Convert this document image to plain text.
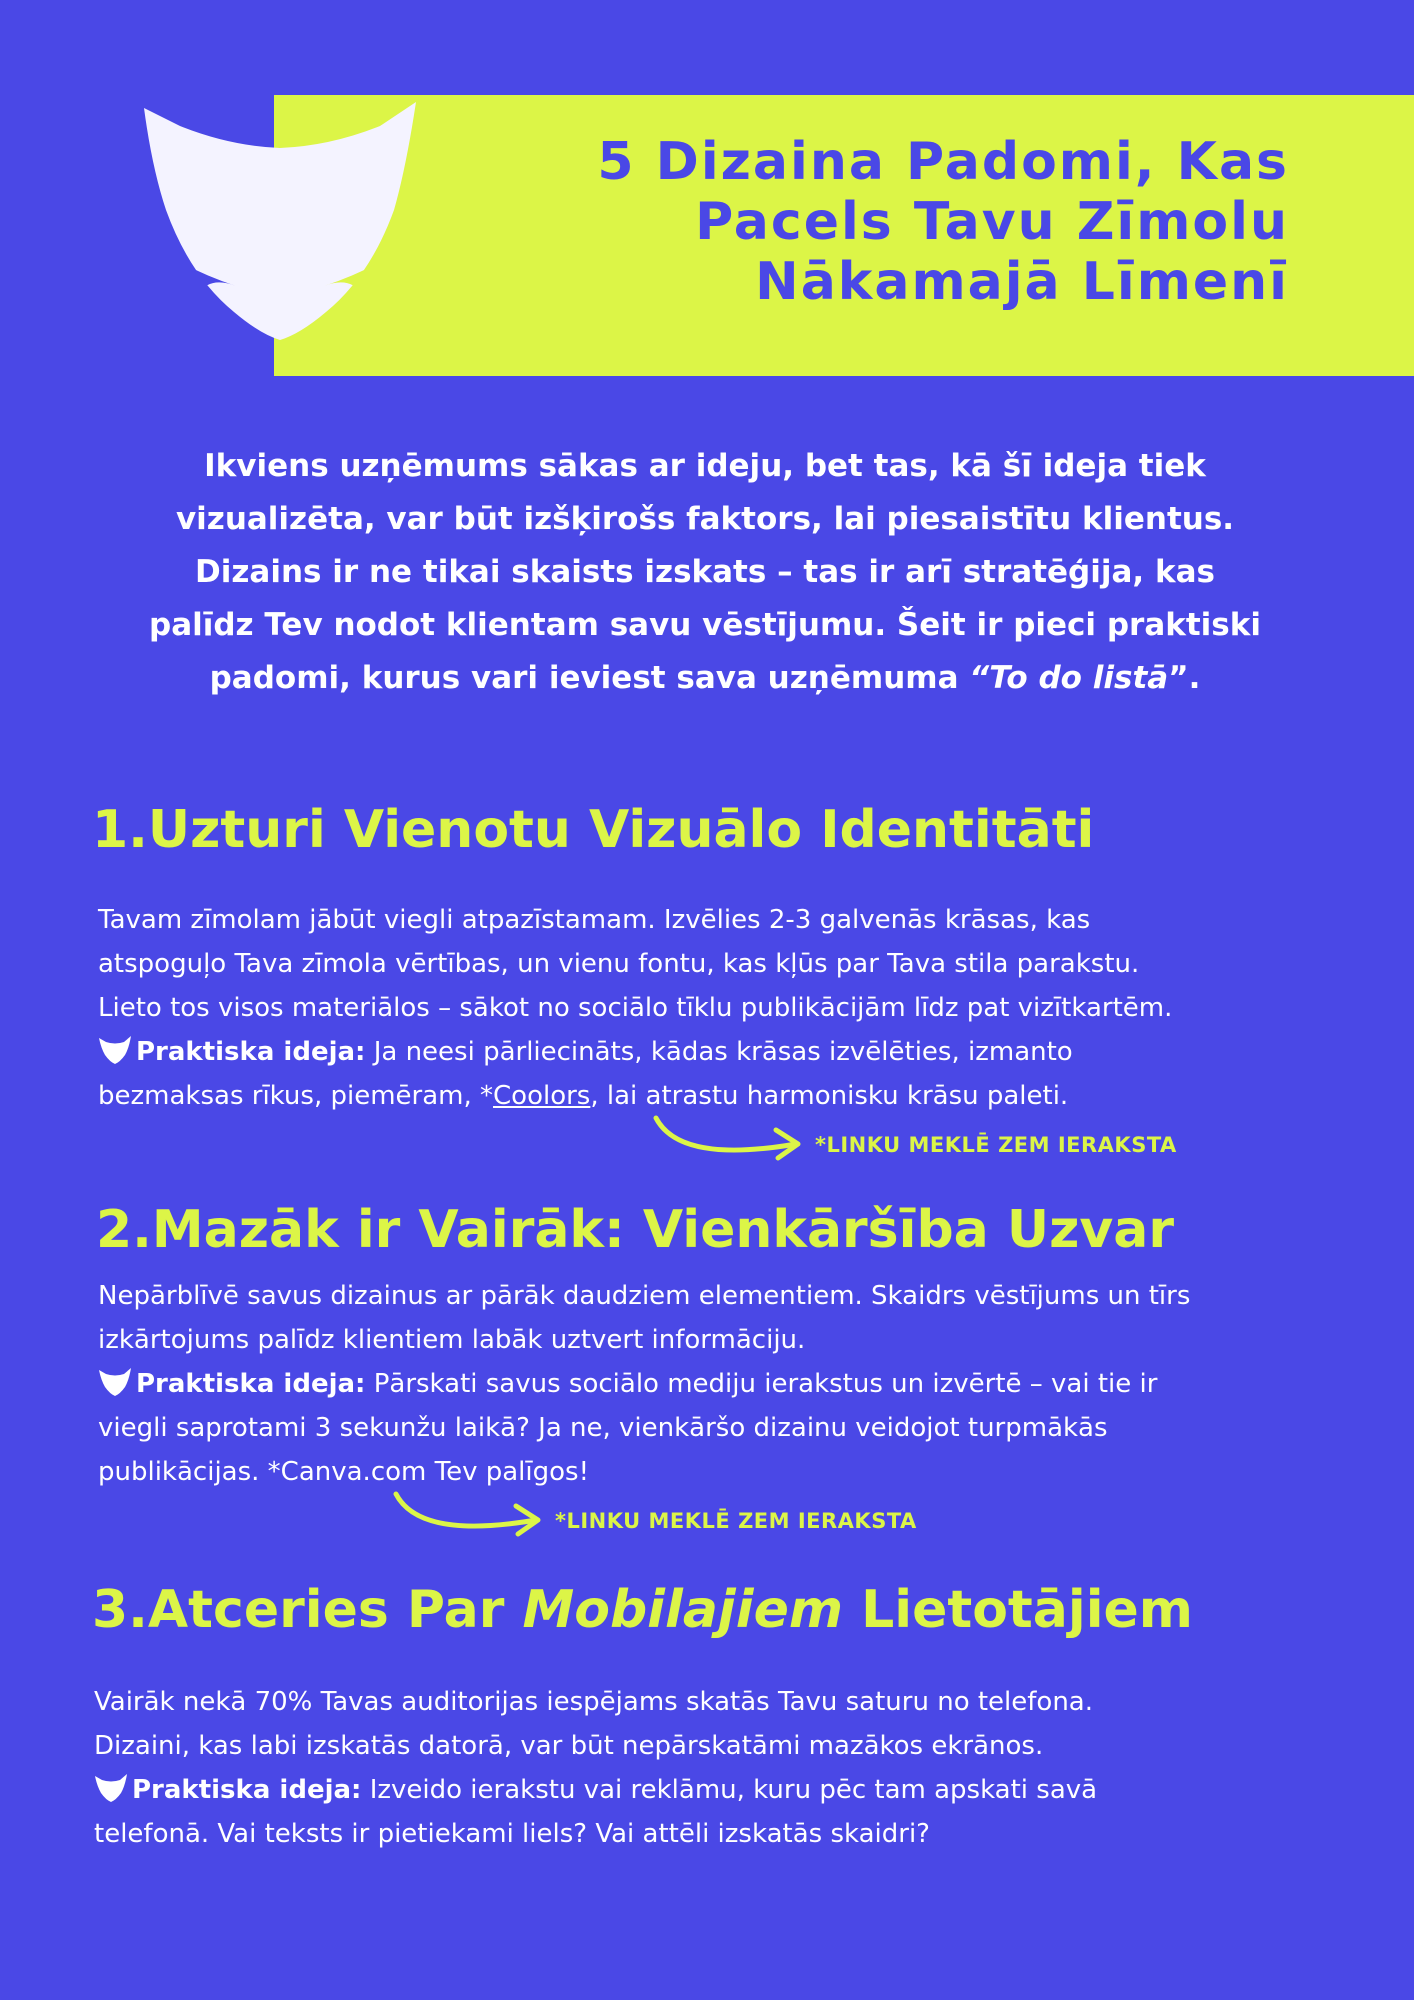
5 Dizaina Padomi, Kas
Pacels Tavu Zīmolu
Nākamajā Līmenī

Ikviens uzņēmums sākas ar ideju, bet tas, kā šī ideja tiek
vizualizēta, var būt izšķirošs faktors, lai piesaistītu klientus.
Dizains ir ne tikai skaists izskats – tas ir arī stratēģija, kas
palīdz Tev nodot klientam savu vēstījumu. Šeit ir pieci praktiski
padomi, kurus vari ieviest sava uzņēmuma “To do listā”.

1.Uzturi Vienotu Vizuālo Identitāti

Tavam zīmolam jābūt viegli atpazīstamam. Izvēlies 2-3 galvenās krāsas, kas
atspoguļo Tava zīmola vērtības, un vienu fontu, kas kļūs par Tava stila parakstu.
Lieto tos visos materiālos – sākot no sociālo tīklu publikācijām līdz pat vizītkartēm.
Praktiska ideja: Ja neesi pārliecināts, kādas krāsas izvēlēties, izmanto
bezmaksas rīkus, piemēram, *Coolors, lai atrastu harmonisku krāsu paleti.

*LINKU MEKLĒ ZEM IERAKSTA
2.Mazāk ir Vairāk: Vienkāršība Uzvar

Nepārblīvē savus dizainus ar pārāk daudziem elementiem. Skaidrs vēstījums un tīrs
izkārtojums palīdz klientiem labāk uztvert informāciju.
Praktiska ideja: Pārskati savus sociālo mediju ierakstus un izvērtē – vai tie ir
viegli saprotami 3 sekunžu laikā? Ja ne, vienkāršo dizainu veidojot turpmākās
publikācijas. *Canva.com Tev palīgos!

*LINKU MEKLĒ ZEM IERAKSTA
3.Atceries Par Mobilajiem Lietotājiem

Vairāk nekā 70% Tavas auditorijas iespējams skatās Tavu saturu no telefona.
Dizaini, kas labi izskatās datorā, var būt nepārskatāmi mazākos ekrānos.
Praktiska ideja: Izveido ierakstu vai reklāmu, kuru pēc tam apskati savā
telefonā. Vai teksts ir pietiekami liels? Vai attēli izskatās skaidri?
